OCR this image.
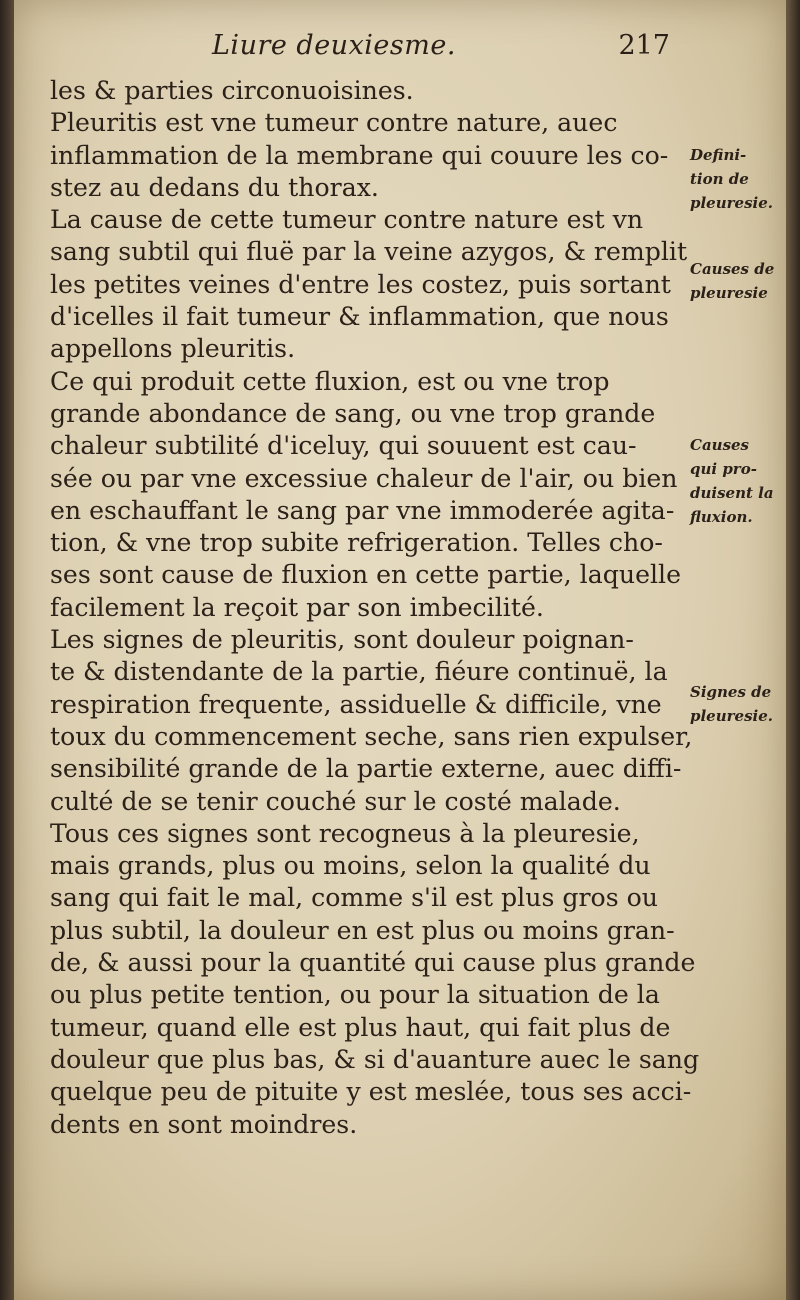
Liure deuxiesme.	217
les & parties circonuoisines.
Pleuritis est vne tumeur contre nature, auec
inflammation de la membrane qui couure les co-
stez au dedans du thorax.
La cause de cette tumeur contre nature est vn
sang subtil qui fluë par la veine azygos, & remplit
les petites veines d'entre les costez, puis sortant
d'icelles il fait tumeur & inflammation, que nous
appellons pleuritis.
Ce qui produit cette fluxion, est ou vne trop
grande abondance de sang, ou vne trop grande
chaleur subtilité d'iceluy, qui souuent est cau-
sée ou par vne excessiue chaleur de l'air, ou bien
en eschauffant le sang par vne immoderée agita-
tion, & vne trop subite refrigeration. Telles cho-
ses sont cause de fluxion en cette partie, laquelle
facilement la reçoit par son imbecilité.
Les signes de pleuritis, sont douleur poignan-
te & distendante de la partie, fiéure continuë, la
respiration frequente, assiduelle & difficile, vne
toux du commencement seche, sans rien expulser,
sensibilité grande de la partie externe, auec diffi-
culté de se tenir couché sur le costé malade.
Tous ces signes sont recogneus à la pleuresie,
mais grands, plus ou moins, selon la qualité du
sang qui fait le mal, comme s'il est plus gros ou
plus subtil, la douleur en est plus ou moins gran-
de, & aussi pour la quantité qui cause plus grande
ou plus petite tention, ou pour la situation de la
tumeur, quand elle est plus haut, qui fait plus de
douleur que plus bas, & si d'auanture auec le sang
quelque peu de pituite y est meslée, tous ses acci-
dents en sont moindres.
Defini-
tion de
pleuresie.
Causes de
pleuresie
Causes
qui pro-
duisent la
fluxion.
Signes de
pleuresie.
